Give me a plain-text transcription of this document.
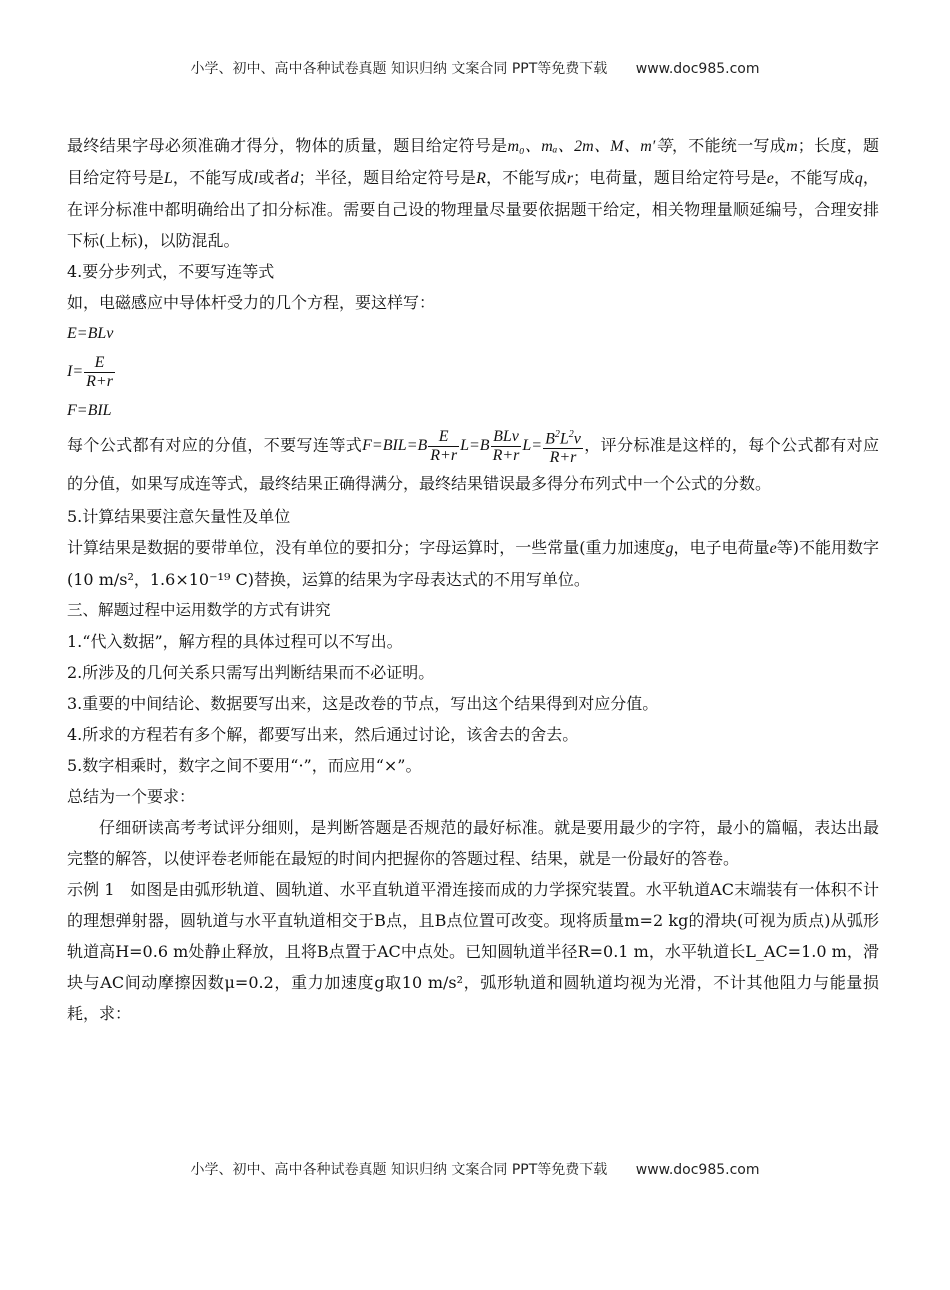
小学、初中、高中各种试卷真题 知识归纳 文案合同 PPT等免费下载 www.doc985.com

最终结果字母必须准确才得分，物体的质量，题目给定符号是m₀、mₐ、2m、M、m′等，不能统一写成m；长度，题目给定符号是L，不能写成l或者d；半径，题目给定符号是R，不能写成r；电荷量，题目给定符号是e，不能写成q，在评分标准中都明确给出了扣分标准。需要自己设的物理量尽量要依据题干给定，相关物理量顺延编号，合理安排下标(上标)，以防混乱。

4.要分步列式，不要写连等式

如，电磁感应中导体杆受力的几个方程，要这样写：

E=BLv

$I= \frac{E}{R+r}$

F=BIL

每个公式都有对应的分值，不要写连等式$F=BIL=B \frac{E}{R+r} L=B \frac{\text{BLv}}{R+r} L= \frac{B^2L^2v}{R+r}$ ，评分标准是这样的，每个公式都有对应的分值，如果写成连等式，最终结果正确得满分，最终结果错误最多得分布列式中一个公式的分数。

5.计算结果要注意矢量性及单位

计算结果是数据的要带单位，没有单位的要扣分；字母运算时，一些常量(重力加速度g，电子电荷量e等)不能用数字(10 m/s²，1.6×10⁻¹⁹ C)替换，运算的结果为字母表达式的不用写单位。

三、解题过程中运用数学的方式有讲究

1.“代入数据”，解方程的具体过程可以不写出。

2.所涉及的几何关系只需写出判断结果而不必证明。

3.重要的中间结论、数据要写出来，这是改卷的节点，写出这个结果得到对应分值。

4.所求的方程若有多个解，都要写出来，然后通过讨论，该舍去的舍去。

5.数字相乘时，数字之间不要用“·”，而应用“×”。

总结为一个要求：

仔细研读高考考试评分细则，是判断答题是否规范的最好标准。就是要用最少的字符，最小的篇幅，表达出最完整的解答，以使评卷老师能在最短的时间内把握你的答题过程、结果，就是一份最好的答卷。

示例 1 如图是由弧形轨道、圆轨道、水平直轨道平滑连接而成的力学探究装置。水平轨道AC末端装有一体积不计的理想弹射器，圆轨道与水平直轨道相交于B点，且B点位置可改变。现将质量m=2 kg的滑块(可视为质点)从弧形轨道高H=0.6 m处静止释放，且将B点置于AC中点处。已知圆轨道半径R=0.1 m，水平轨道长L_AC=1.0 m，滑块与AC间动摩擦因数μ=0.2，重力加速度g取10 m/s²，弧形轨道和圆轨道均视为光滑，不计其他阻力与能量损耗，求：

小学、初中、高中各种试卷真题 知识归纳 文案合同 PPT等免费下载 www.doc985.com
